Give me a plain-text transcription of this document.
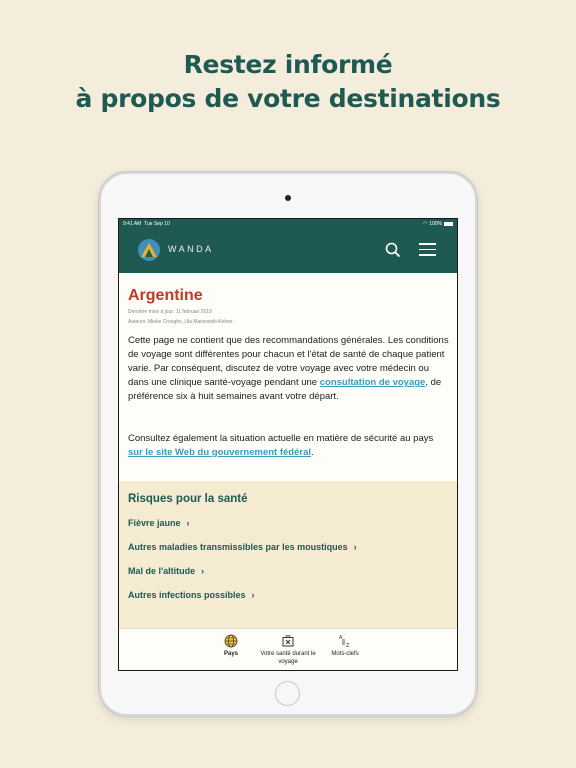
Restez informé
à propos de votre destinations
9:41 AM Tue Sep 10	◠ 100%
WANDA
Argentine
Dernière mise à jour: 11 februari 2019
Auteurs: Mieke Croughs, Ula Maniewski-Kelner

Cette page ne contient que des recommandations générales. Les conditions de voyage sont différentes pour chacun et l'état de santé de chaque patient varie. Par conséquent, discutez de votre voyage avec votre médecin ou dans une clinique santé-voyage pendant une consultation de voyage, de préférence six à huit semaines avant votre départ.

Consultez également la situation actuelle en matière de sécurité au pays sur le site Web du gouvernement fédéral.

Risques pour la santé
Fièvre jaune ›
Autres maladies transmissibles par les moustiques ›
Mal de l'altitude ›
Autres infections possibles ›
Pays	Votre santé durant le voyage
A
Z
Mots-clefs
